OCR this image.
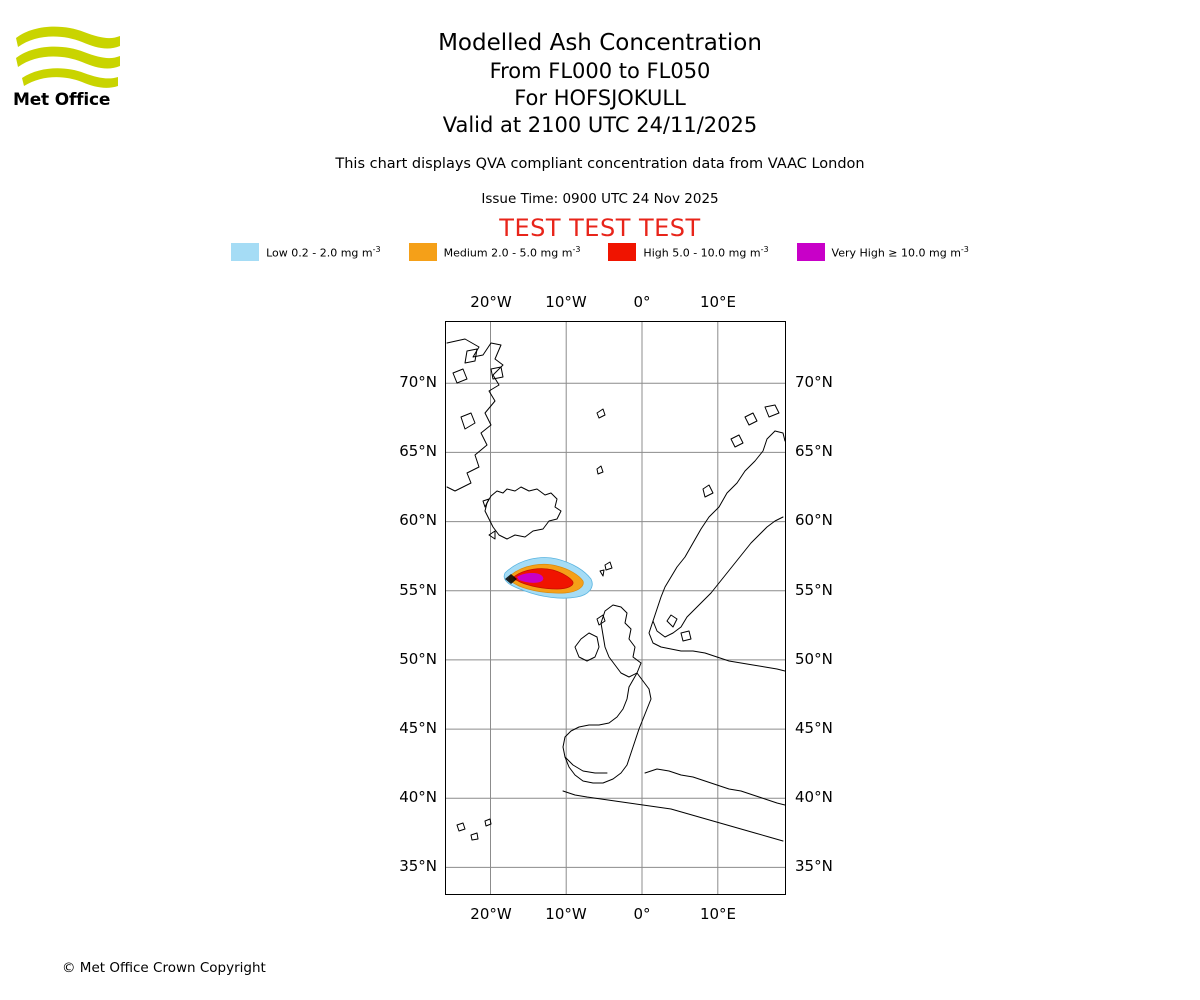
Met Office
Modelled Ash Concentration
From FL000 to FL050
For HOFSJOKULL
Valid at 2100 UTC 24/11/2025
This chart displays QVA compliant concentration data from VAAC London
Issue Time: 0900 UTC 24 Nov 2025
TEST TEST TEST
Low 0.2 - 2.0 mg $m^{-3}$	Medium 2.0 - 5.0 mg $m^{-3}$	High 5.0 - 10.0 mg $m^{-3}$	Very High ≥ 10.0 mg $m^{-3}$
20°W	10°W	0°	10°E
20°W	10°W	0°	10°E
70°N
65°N
60°N
55°N
50°N
45°N
40°N
35°N
70°N
65°N
60°N
55°N
50°N
45°N
40°N
35°N
© Met Office Crown Copyright
